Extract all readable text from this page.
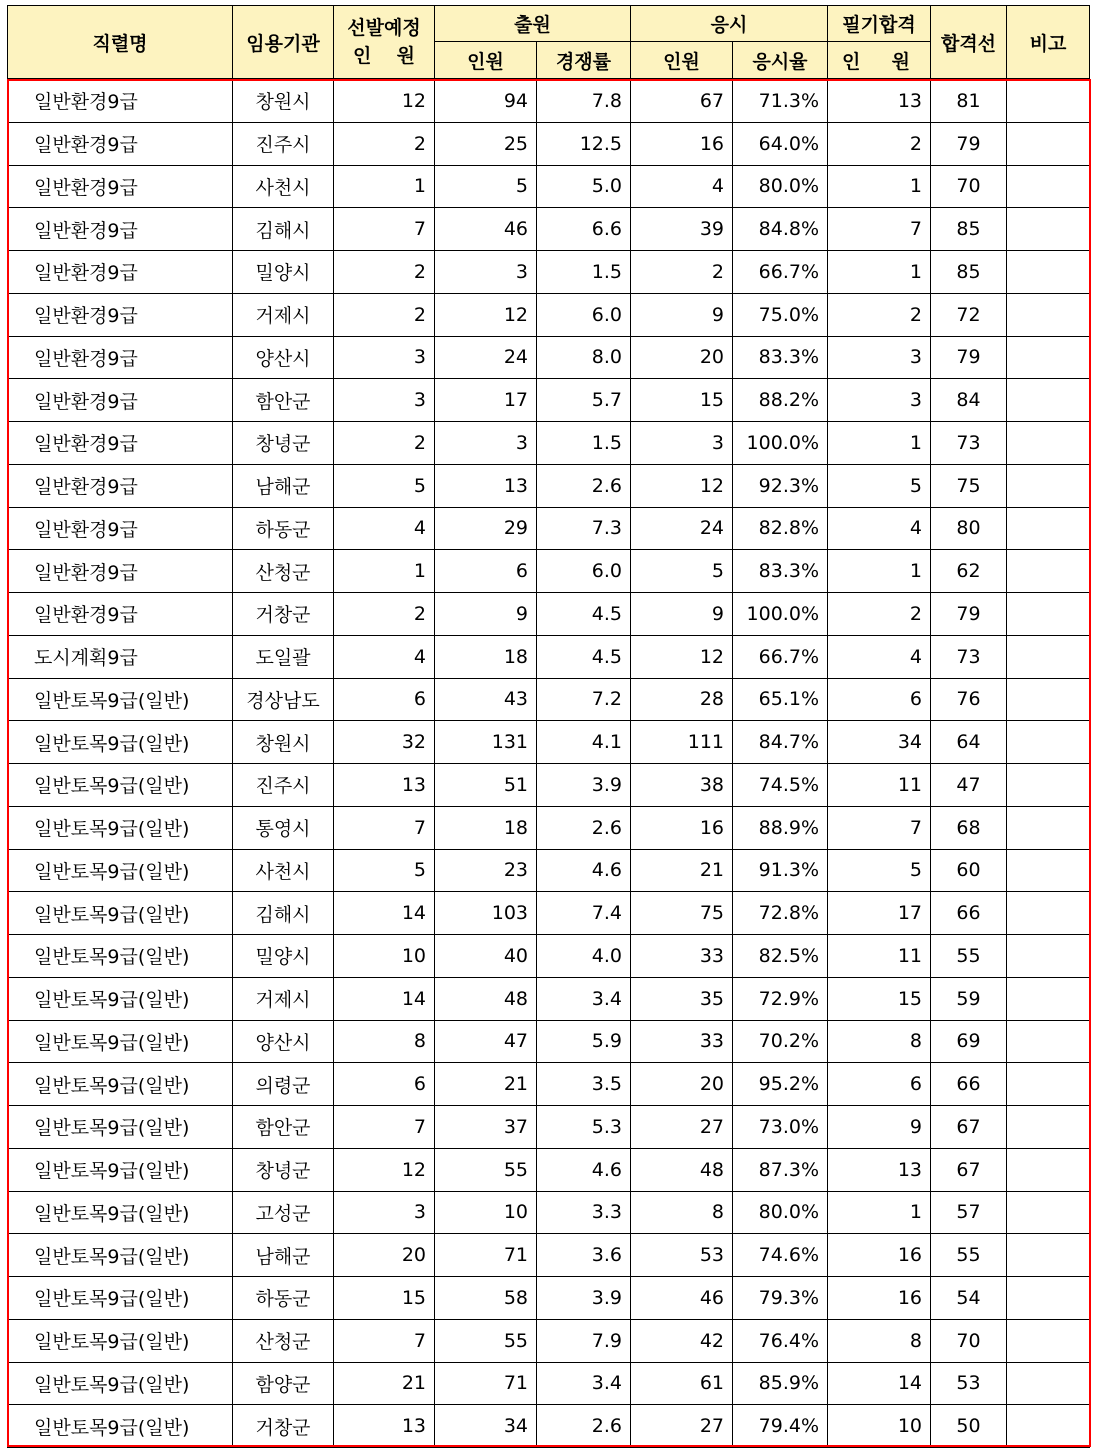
직렬명	임용기관	선발예정
인 원	출원		응시		필기합격	합격선	비고
			인원	경쟁률	인원	응시율	인 원		

일반환경9급	창원시	12	94	7.8	67	71.3%	13	81	
일반환경9급	진주시	2	25	12.5	16	64.0%	2	79	
일반환경9급	사천시	1	5	5.0	4	80.0%	1	70	
일반환경9급	김해시	7	46	6.6	39	84.8%	7	85	
일반환경9급	밀양시	2	3	1.5	2	66.7%	1	85	
일반환경9급	거제시	2	12	6.0	9	75.0%	2	72	
일반환경9급	양산시	3	24	8.0	20	83.3%	3	79	
일반환경9급	함안군	3	17	5.7	15	88.2%	3	84	
일반환경9급	창녕군	2	3	1.5	3	100.0%	1	73	
일반환경9급	남해군	5	13	2.6	12	92.3%	5	75	
일반환경9급	하동군	4	29	7.3	24	82.8%	4	80	
일반환경9급	산청군	1	6	6.0	5	83.3%	1	62	
일반환경9급	거창군	2	9	4.5	9	100.0%	2	79	
도시계획9급	도일괄	4	18	4.5	12	66.7%	4	73	
일반토목9급(일반)	경상남도	6	43	7.2	28	65.1%	6	76	
일반토목9급(일반)	창원시	32	131	4.1	111	84.7%	34	64	
일반토목9급(일반)	진주시	13	51	3.9	38	74.5%	11	47	
일반토목9급(일반)	통영시	7	18	2.6	16	88.9%	7	68	
일반토목9급(일반)	사천시	5	23	4.6	21	91.3%	5	60	
일반토목9급(일반)	김해시	14	103	7.4	75	72.8%	17	66	
일반토목9급(일반)	밀양시	10	40	4.0	33	82.5%	11	55	
일반토목9급(일반)	거제시	14	48	3.4	35	72.9%	15	59	
일반토목9급(일반)	양산시	8	47	5.9	33	70.2%	8	69	
일반토목9급(일반)	의령군	6	21	3.5	20	95.2%	6	66	
일반토목9급(일반)	함안군	7	37	5.3	27	73.0%	9	67	
일반토목9급(일반)	창녕군	12	55	4.6	48	87.3%	13	67	
일반토목9급(일반)	고성군	3	10	3.3	8	80.0%	1	57	
일반토목9급(일반)	남해군	20	71	3.6	53	74.6%	16	55	
일반토목9급(일반)	하동군	15	58	3.9	46	79.3%	16	54	
일반토목9급(일반)	산청군	7	55	7.9	42	76.4%	8	70	
일반토목9급(일반)	함양군	21	71	3.4	61	85.9%	14	53	
일반토목9급(일반)	거창군	13	34	2.6	27	79.4%	10	50	
